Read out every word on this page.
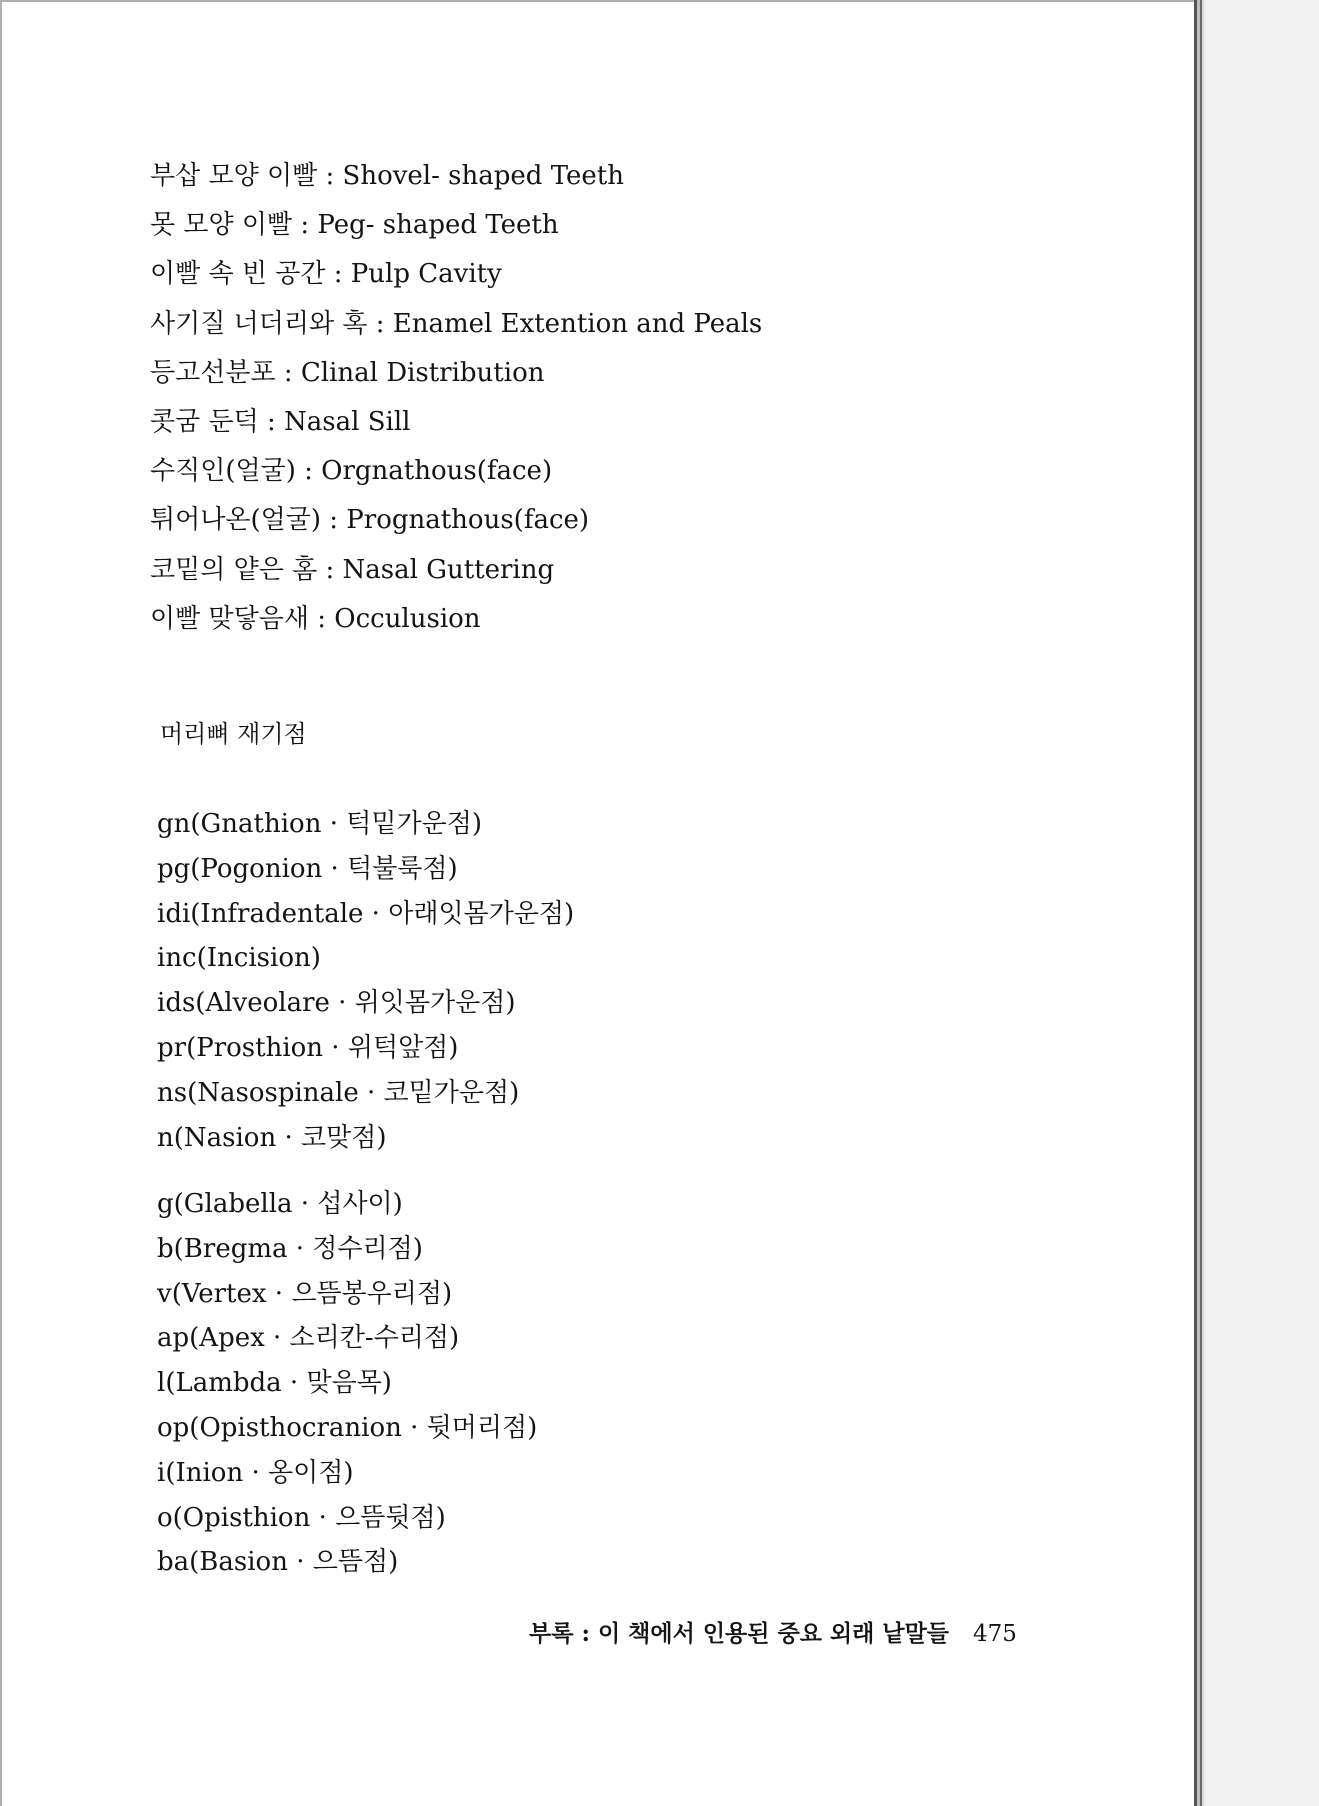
부삽 모양 이빨 : Shovel- shaped Teeth
못 모양 이빨 : Peg- shaped Teeth
이빨 속 빈 공간 : Pulp Cavity
사기질 너더리와 혹 : Enamel Extention and Peals
등고선분포 : Clinal Distribution
콧굼 둔덕 : Nasal Sill
수직인(얼굴) : Orgnathous(face)
튀어나온(얼굴) : Prognathous(face)
코밑의 얕은 홈 : Nasal Guttering
이빨 맞닿음새 : Occulusion
머리뼈 재기점
gn(Gnathion · 턱밑가운점)
pg(Pogonion · 턱불룩점)
idi(Infradentale · 아래잇몸가운점)
inc(Incision)
ids(Alveolare · 위잇몸가운점)
pr(Prosthion · 위턱앞점)
ns(Nasospinale · 코밑가운점)
n(Nasion · 코맞점)
g(Glabella · 섭사이)
b(Bregma · 정수리점)
v(Vertex · 으뜸봉우리점)
ap(Apex · 소리칸-수리점)
l(Lambda · 맞음목)
op(Opisthocranion · 뒷머리점)
i(Inion · 옹이점)
o(Opisthion · 으뜸뒷점)
ba(Basion · 으뜸점)
부록 : 이 책에서 인용된 중요 외래 낱말들 475
